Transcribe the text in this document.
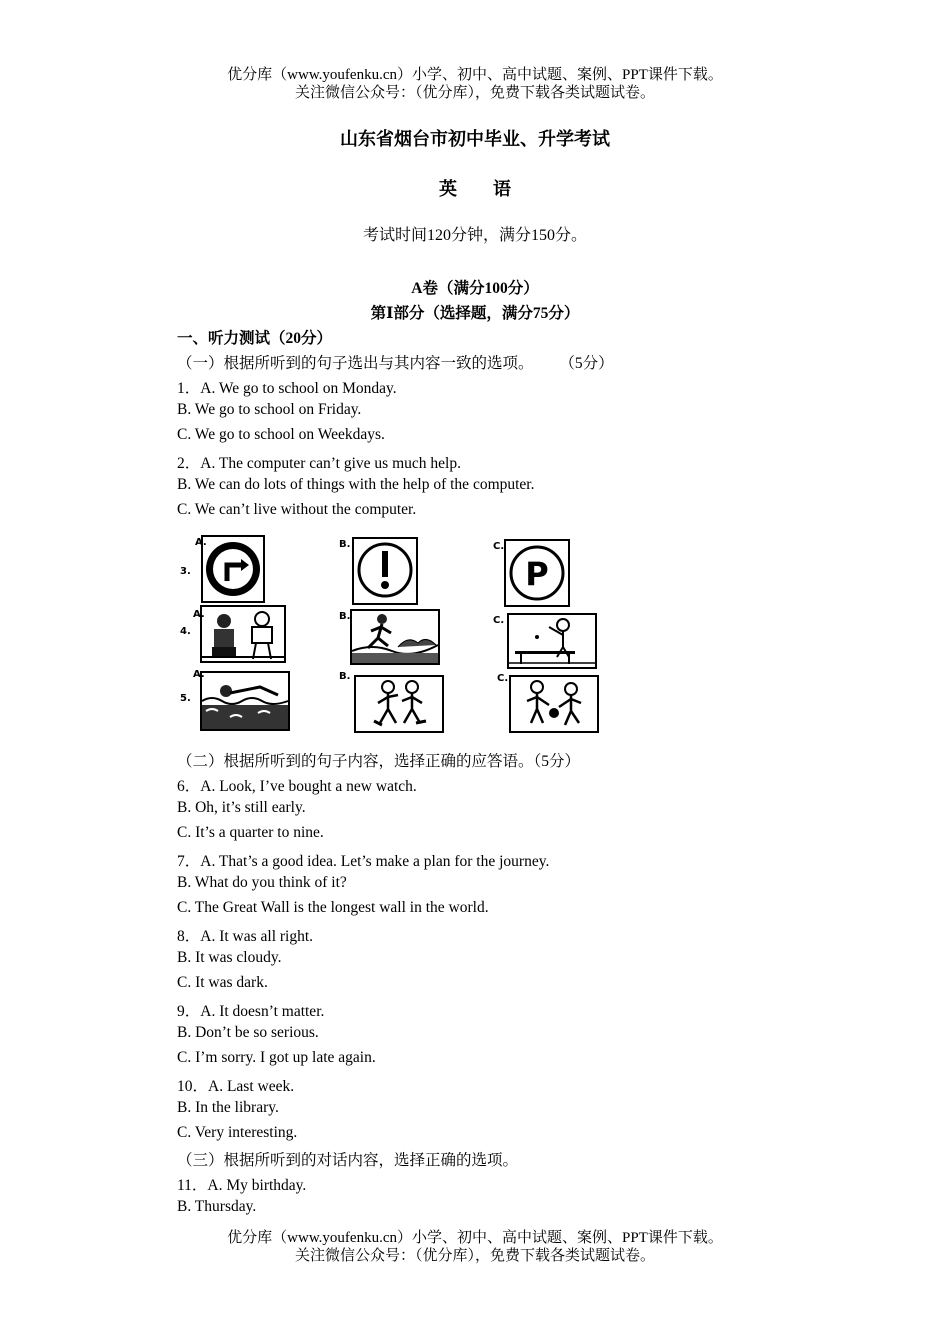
优分库（www.youfenku.cn）小学、初中、高中试题、案例、PPT课件下载。
关注微信公众号：（优分库），免费下载各类试题试卷。
山东省烟台市初中毕业、升学考试
英　　语
考试时间120分钟，满分150分。
A卷（满分100分）
第Ⅰ部分（选择题，满分75分）
一、听力测试（20分）
（一）根据所听到的句子选出与其内容一致的选项。 （5分）
1．A. We go to school on Monday.
B. We go to school on Friday.
C. We go to school on Weekdays.
2．A. The computer can’t give us much help.
B. We can do lots of things with the help of the computer.
C. We can’t live without the computer.
3.
4.
5.
A.	B.	C.
A.	B.	C.
A.	B.	C.
P
（二）根据所听到的句子内容，选择正确的应答语。（5分）
6．A. Look, I’ve bought a new watch.
B. Oh, it’s still early.
C. It’s a quarter to nine.
7．A. That’s a good idea. Let’s make a plan for the journey.
B. What do you think of it?
C. The Great Wall is the longest wall in the world.
8．A. It was all right.
B. It was cloudy.
C. It was dark.
9．A. It doesn’t matter.
B. Don’t be so serious.
C. I’m sorry. I got up late again.
10．A. Last week.
B. In the library.
C. Very interesting.
（三）根据所听到的对话内容，选择正确的选项。
11．A. My birthday.
B. Thursday.
优分库（www.youfenku.cn）小学、初中、高中试题、案例、PPT课件下载。
关注微信公众号：（优分库），免费下载各类试题试卷。
